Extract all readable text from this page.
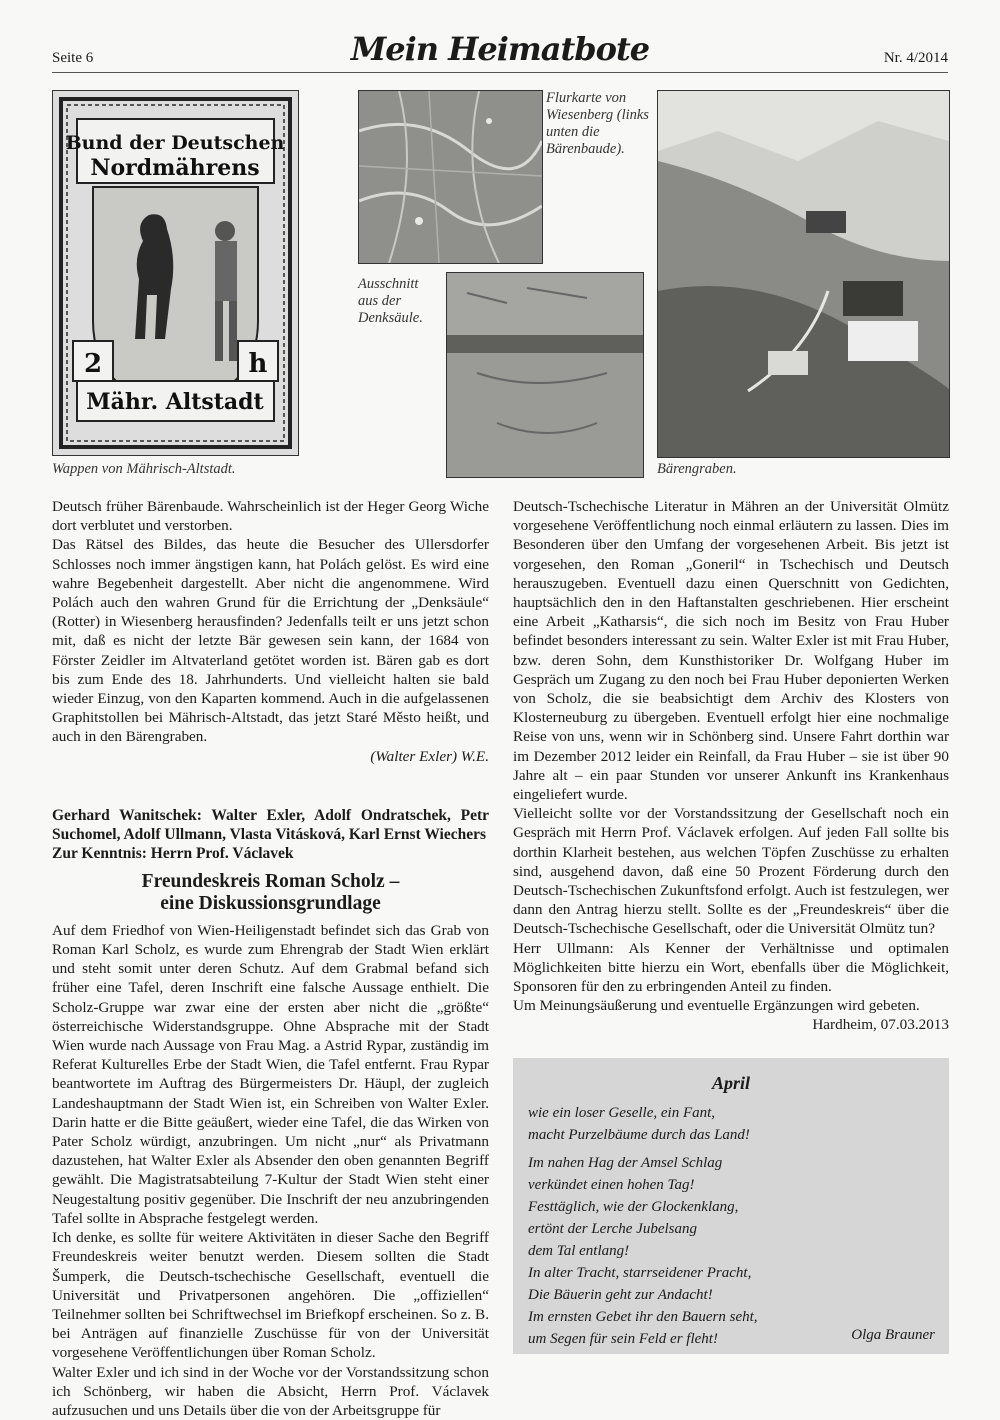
Seite 6	Mein Heimatbote	Nr. 4/2014
Bund der Deutschen
Nordmährens
2	h
Mähr. Altstadt
Wappen von Mährisch-Altstadt.
Flurkarte von Wiesenberg (links unten die Bärenbaude).
Ausschnitt aus der Denksäule.
Bärengraben.

Deutsch früher Bärenbaude. Wahrscheinlich ist der Heger Georg Wiche dort verblutet und verstorben.

Das Rätsel des Bildes, das heute die Besucher des Ullersdorfer Schlosses noch immer ängstigen kann, hat Polách gelöst. Es wird eine wahre Begebenheit dargestellt. Aber nicht die angenommene. Wird Polách auch den wahren Grund für die Errichtung der „Denksäule“ (Rotter) in Wiesenberg herausfinden? Jedenfalls teilt er uns jetzt schon mit, daß es nicht der letzte Bär gewesen sein kann, der 1684 von Förster Zeidler im Altvaterland getötet worden ist. Bären gab es dort bis zum Ende des 18. Jahrhunderts. Und vielleicht halten sie bald wieder Einzug, von den Kaparten kommend. Auch in die aufgelassenen Graphitstollen bei Mährisch-Altstadt, das jetzt Staré Město heißt, und auch in den Bärengraben.

(Walter Exler) W.E.

Gerhard Wanitschek: Walter Exler, Adolf Ondratschek, Petr Suchomel, Adolf Ullmann, Vlasta Vitásková, Karl Ernst Wiechers

Zur Kenntnis: Herrn Prof. Václavek

Freundeskreis Roman Scholz –
eine Diskussionsgrundlage

Auf dem Friedhof von Wien-Heiligenstadt befindet sich das Grab von Roman Karl Scholz, es wurde zum Ehrengrab der Stadt Wien erklärt und steht somit unter deren Schutz. Auf dem Grabmal befand sich früher eine Tafel, deren Inschrift eine falsche Aussage enthielt. Die Scholz-Gruppe war zwar eine der ersten aber nicht die „größte“ österreichische Widerstandsgruppe. Ohne Absprache mit der Stadt Wien wurde nach Aussage von Frau Mag. a Astrid Rypar, zuständig im Referat Kulturelles Erbe der Stadt Wien, die Tafel entfernt. Frau Rypar beantwortete im Auftrag des Bürgermeisters Dr. Häupl, der zugleich Landeshauptmann der Stadt Wien ist, ein Schreiben von Walter Exler. Darin hatte er die Bitte geäußert, wieder eine Tafel, die das Wirken von Pater Scholz würdigt, anzubringen. Um nicht „nur“ als Privatmann dazustehen, hat Walter Exler als Absender den oben genannten Begriff gewählt. Die Magistratsabteilung 7-Kultur der Stadt Wien steht einer Neugestaltung positiv gegenüber. Die Inschrift der neu anzubringenden Tafel sollte in Absprache festgelegt werden.

Ich denke, es sollte für weitere Aktivitäten in dieser Sache den Begriff Freundeskreis weiter benutzt werden. Diesem sollten die Stadt Šumperk, die Deutsch-tschechische Gesellschaft, eventuell die Universität und Privatpersonen angehören. Die „offiziellen“ Teilnehmer sollten bei Schriftwechsel im Briefkopf erscheinen. So z. B. bei Anträgen auf finanzielle Zuschüsse für von der Universität vorgesehene Veröffentlichungen über Roman Scholz.

Walter Exler und ich sind in der Woche vor der Vorstandssitzung schon ich Schönberg, wir haben die Absicht, Herrn Prof. Václavek aufzusuchen und uns Details über die von der Arbeitsgruppe für

Deutsch-Tschechische Literatur in Mähren an der Universität Olmütz vorgesehene Veröffentlichung noch einmal erläutern zu lassen. Dies im Besonderen über den Umfang der vorgesehenen Arbeit. Bis jetzt ist vorgesehen, den Roman „Goneril“ in Tschechisch und Deutsch herauszugeben. Eventuell dazu einen Querschnitt von Gedichten, hauptsächlich den in den Haftanstalten geschriebenen. Hier erscheint eine Arbeit „Katharsis“, die sich noch im Besitz von Frau Huber befindet besonders interessant zu sein. Walter Exler ist mit Frau Huber, bzw. deren Sohn, dem Kunsthistoriker Dr. Wolfgang Huber im Gespräch um Zugang zu den noch bei Frau Huber deponierten Werken von Scholz, die sie beabsichtigt dem Archiv des Klosters von Klosterneuburg zu übergeben. Eventuell erfolgt hier eine nochmalige Reise von uns, wenn wir in Schönberg sind. Unsere Fahrt dorthin war im Dezember 2012 leider ein Reinfall, da Frau Huber – sie ist über 90 Jahre alt – ein paar Stunden vor unserer Ankunft ins Krankenhaus eingeliefert wurde.

Vielleicht sollte vor der Vorstandssitzung der Gesellschaft noch ein Gespräch mit Herrn Prof. Václavek erfolgen. Auf jeden Fall sollte bis dorthin Klarheit bestehen, aus welchen Töpfen Zuschüsse zu erhalten sind, ausgehend davon, daß eine 50 Prozent Förderung durch den Deutsch-Tschechischen Zukunftsfond erfolgt. Auch ist festzulegen, wer dann den Antrag hierzu stellt. Sollte es der „Freundeskreis“ über die Deutsch-Tschechische Gesellschaft, oder die Universität Olmütz tun?

Herr Ullmann: Als Kenner der Verhältnisse und optimalen Möglichkeiten bitte hierzu ein Wort, ebenfalls über die Möglichkeit, Sponsoren für den zu erbringenden Anteil zu finden.

Um Meinungsäußerung und eventuelle Ergänzungen wird gebeten.

Hardheim, 07.03.2013

April
wie ein loser Geselle, ein Fant,
macht Purzelbäume durch das Land!
Im nahen Hag der Amsel Schlag
verkündet einen hohen Tag!
Festtäglich, wie der Glockenklang,
ertönt der Lerche Jubelsang
dem Tal entlang!
In alter Tracht, starrseidener Pracht,
Die Bäuerin geht zur Andacht!
Im ernsten Gebet ihr den Bauern seht,
um Segen für sein Feld er fleht!	Olga Brauner
